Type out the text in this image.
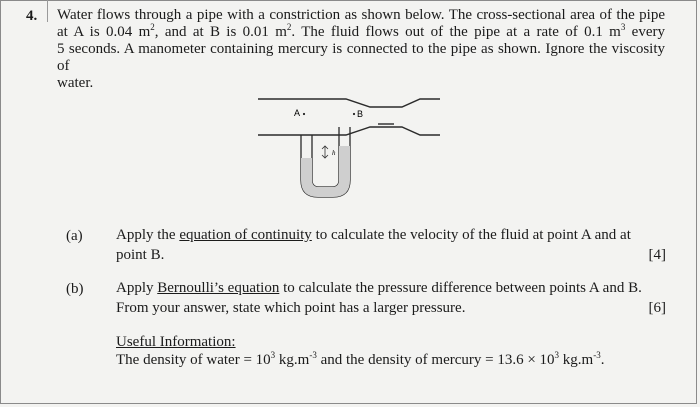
4. Water flows through a pipe with a constriction as shown below. The cross-sectional area of the pipe
at A is 0.04 $m^2$, and at B is 0.01 $m^2$. The fluid flows out of the pipe at a rate of 0.1 $m^3$ every
5 seconds. A manometer containing mercury is connected to the pipe as shown. Ignore the viscosity of
water.
h
A	B
(a) Apply the equation of continuity to calculate the velocity of the fluid at point A and at
point B.	[4]
(b) Apply Bernoulli’s equation to calculate the pressure difference between points A and B.
From your answer, state which point has a larger pressure.	[6]
Useful Information:
The density of water = $10^3$ $kg.m^{-3}$ and the density of mercury = $13.6 \times 10^3$ $kg.m^{-3}$.
